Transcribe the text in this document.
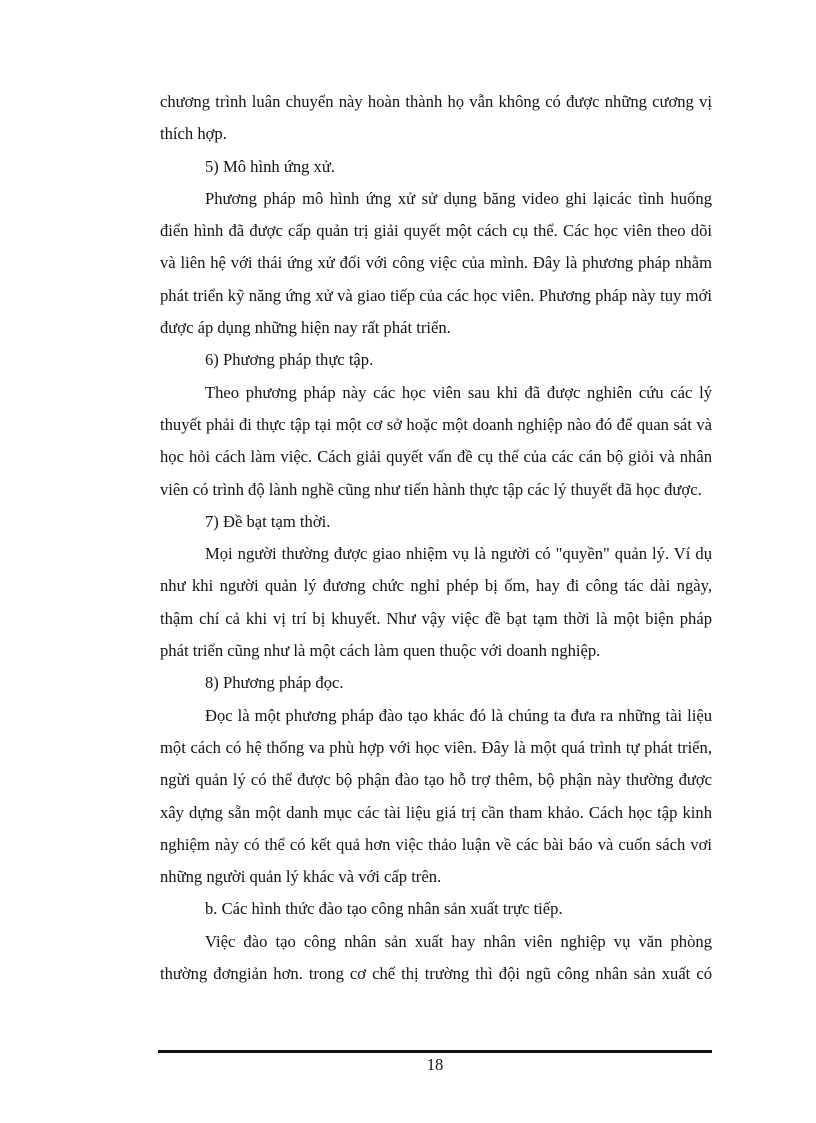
chương trình luân chuyển này hoàn thành họ vẫn không có được những cương vị thích hợp.

5) Mô hình ứng xử.

Phương pháp mô hình ứng xử sử dụng băng video ghi lạicác tình huống điển hình đã được cấp quản trị giải quyết một cách cụ thể. Các học viên theo dõi và liên hệ với thái ứng xử đối với công việc của mình. Đây là phương pháp nhằm phát triển kỹ năng ứng xử và giao tiếp của các học viên. Phương pháp này tuy mới được áp dụng những hiện nay rất phát triển.

6) Phương pháp thực tập.

Theo phương pháp này các học viên sau khi đã được nghiên cứu các lý thuyết phải đi thực tập tại một cơ sở hoặc một doanh nghiệp nào đó để quan sát và học hỏi cách làm việc. Cách giải quyết vấn đề cụ thể của các cán bộ giỏi và nhân viên có trình độ lành nghề cũng như tiến hành thực tập các lý thuyết đã học được.

7) Đề bạt tạm thời.

Mọi người thường được giao nhiệm vụ là người có "quyền" quản lý. Ví dụ như khi người quản lý đương chức nghỉ phép bị ốm, hay đi công tác dài ngày, thậm chí cả khi vị trí bị khuyết. Như vậy việc đề bạt tạm thời là một biện pháp phát triển cũng như là một cách làm quen thuộc với doanh nghiệp.

8) Phương pháp đọc.

Đọc là một phương pháp đào tạo khác đó là chúng ta đưa ra những tài liệu một cách có hệ thống va phù hợp với học viên. Đây là một quá trình tự phát triển, ngừi quản lý có thể được bộ phận đào tạo hỗ trợ thêm, bộ phận này thường được xây dựng sẵn một danh mục các tài liệu giá trị cần tham khảo. Cách học tập kinh nghiệm này có thể có kết quả hơn việc thảo luận về các bài báo và cuốn sách vơi những người quản lý khác và với cấp trên.

b. Các hình thức đào tạo công nhân sản xuất trực tiếp.

Việc đào tạo công nhân sản xuất hay nhân viên nghiệp vụ văn phòng thường đơngiản hơn. trong cơ chế thị trường thì đội ngũ công nhân sản xuất có

18
